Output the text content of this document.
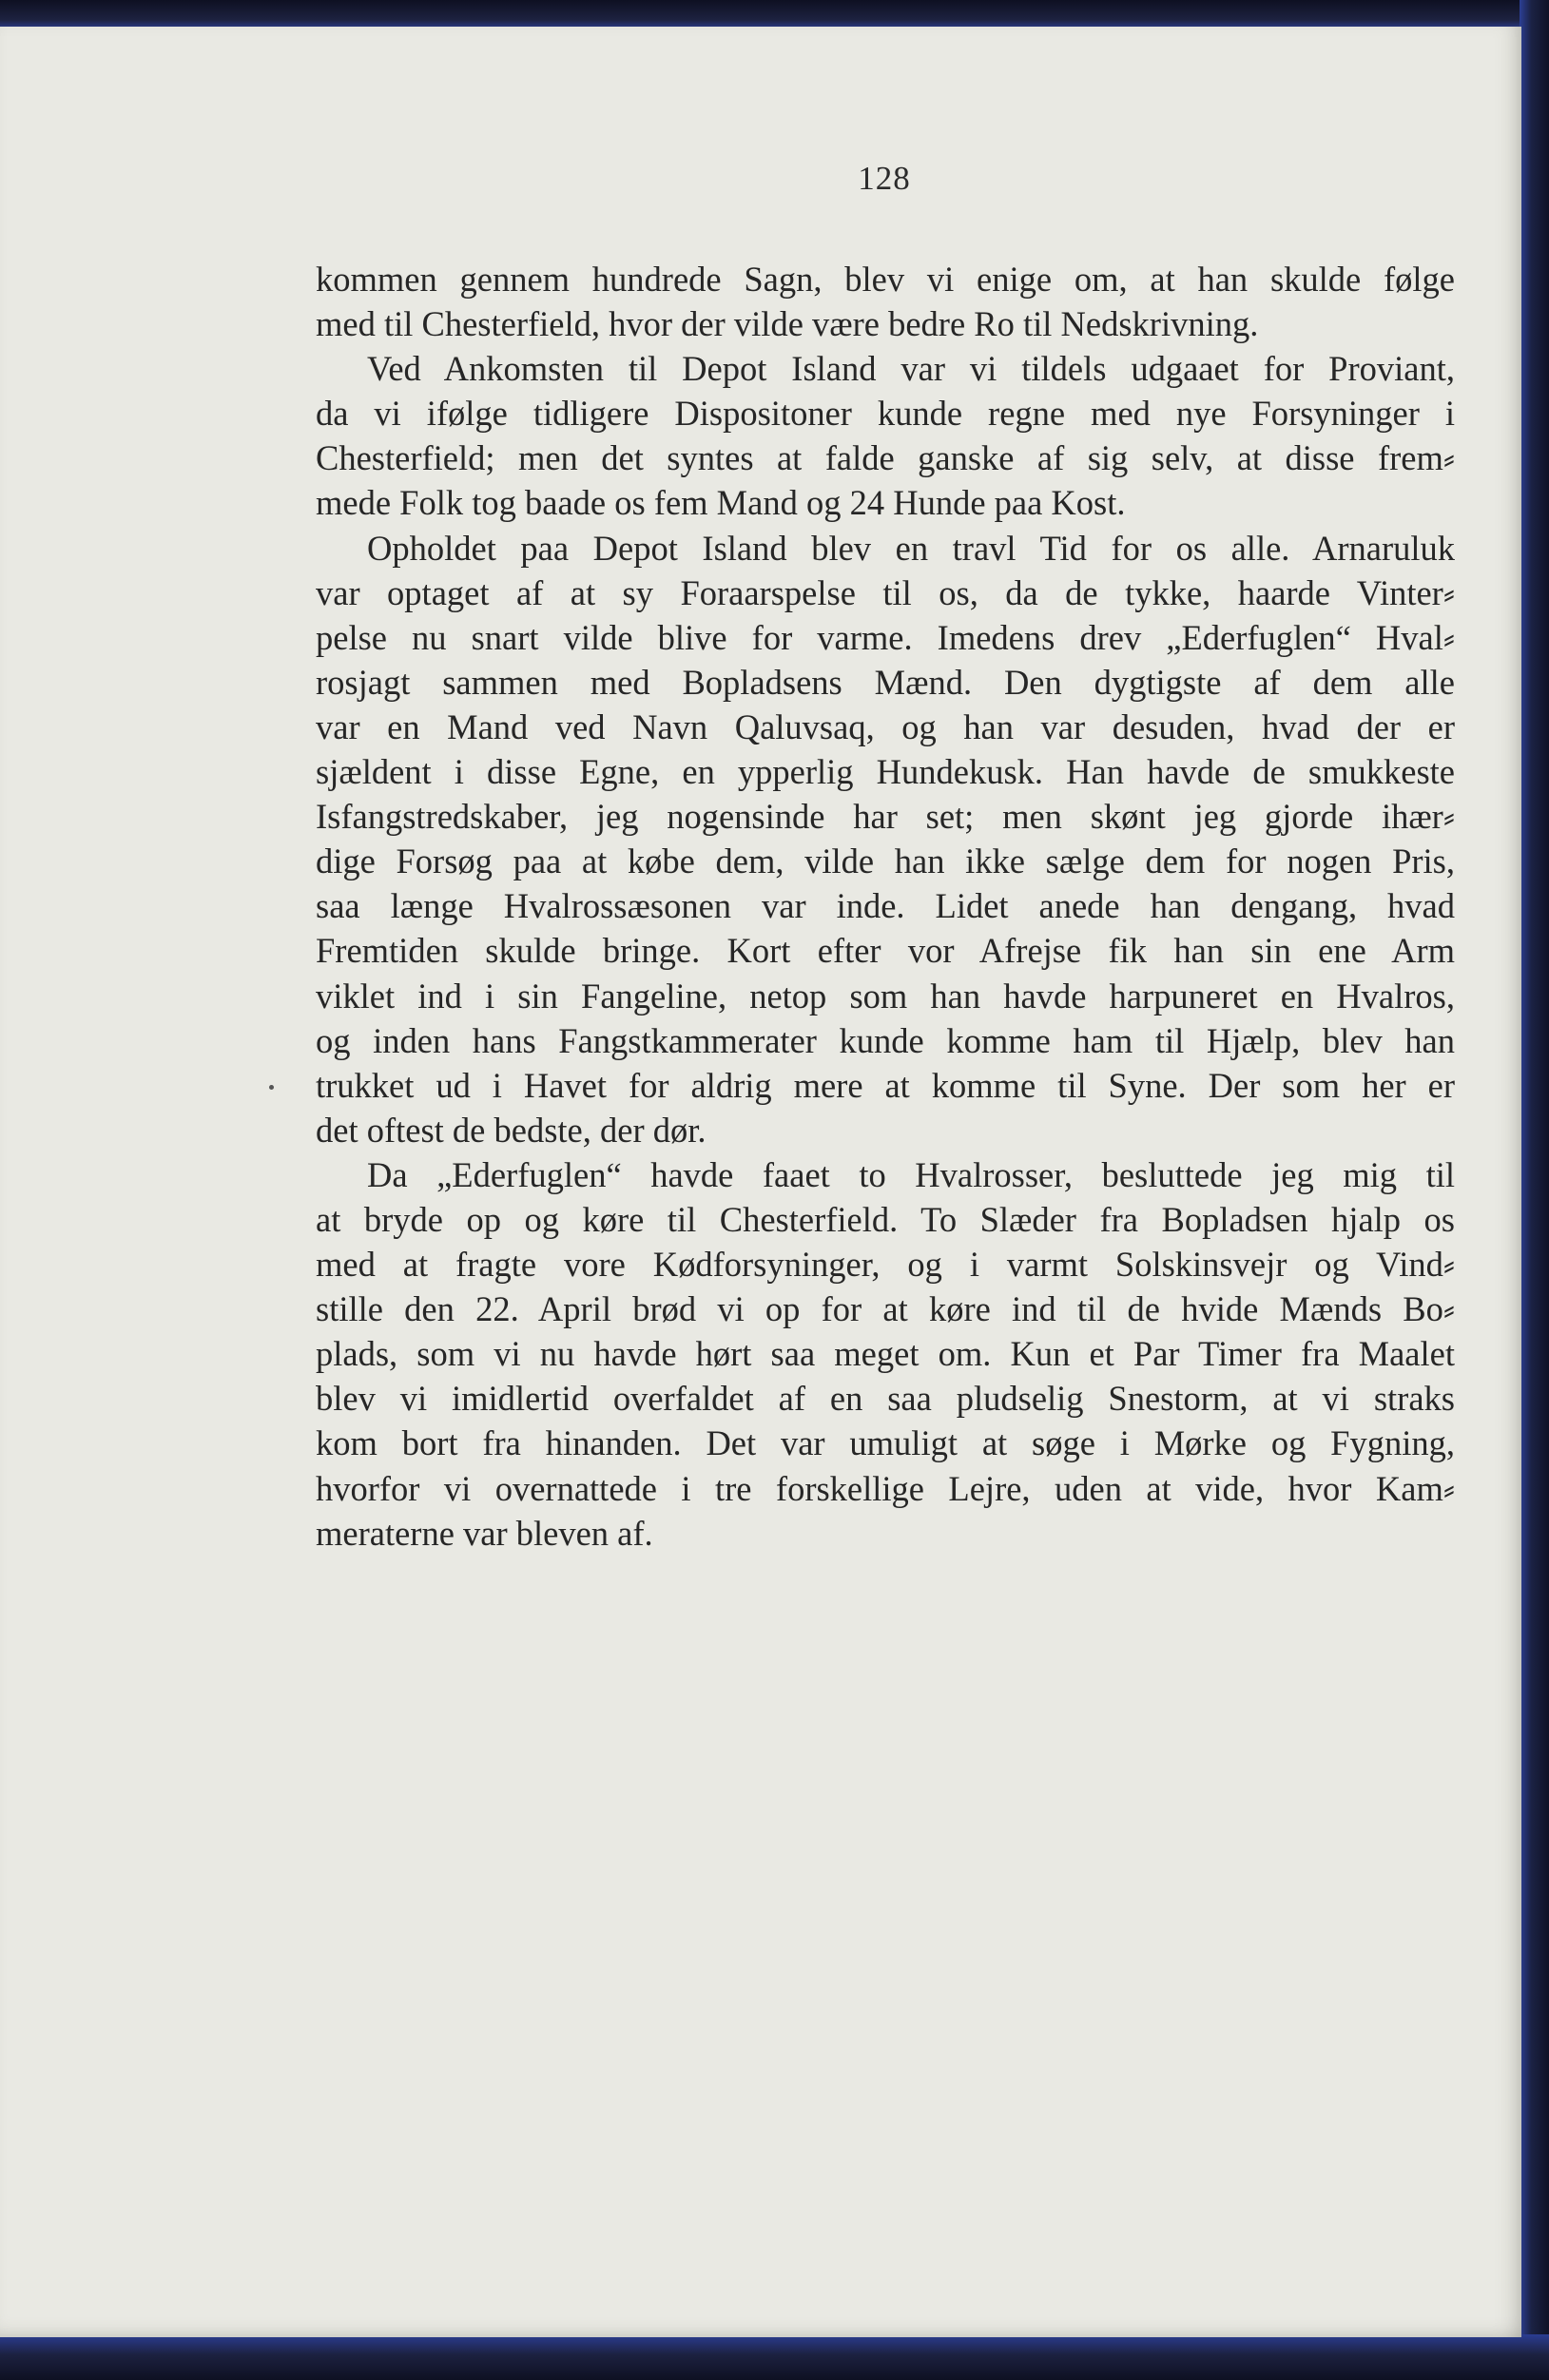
128
kommen gennem hundrede Sagn, blev vi enige om, at han skulde følge
med til Chesterfield, hvor der vilde være bedre Ro til Nedskrivning.
Ved Ankomsten til Depot Island var vi tildels udgaaet for Proviant,
da vi ifølge tidligere Dispositoner kunde regne med nye Forsyninger i
Chesterfield; men det syntes at falde ganske af sig selv, at disse frem⸗
mede Folk tog baade os fem Mand og 24 Hunde paa Kost.
Opholdet paa Depot Island blev en travl Tid for os alle. Arnaruluk
var optaget af at sy Foraarspelse til os, da de tykke, haarde Vinter⸗
pelse nu snart vilde blive for varme. Imedens drev „Ederfuglen“ Hval⸗
rosjagt sammen med Bopladsens Mænd. Den dygtigste af dem alle
var en Mand ved Navn Qaluvsaq, og han var desuden, hvad der er
sjældent i disse Egne, en ypperlig Hundekusk. Han havde de smukkeste
Isfangstredskaber, jeg nogensinde har set; men skønt jeg gjorde ihær⸗
dige Forsøg paa at købe dem, vilde han ikke sælge dem for nogen Pris,
saa længe Hvalrossæsonen var inde. Lidet anede han dengang, hvad
Fremtiden skulde bringe. Kort efter vor Afrejse fik han sin ene Arm
viklet ind i sin Fangeline, netop som han havde harpuneret en Hvalros,
og inden hans Fangstkammerater kunde komme ham til Hjælp, blev han
trukket ud i Havet for aldrig mere at komme til Syne. Der som her er
det oftest de bedste, der dør.
Da „Ederfuglen“ havde faaet to Hvalrosser, besluttede jeg mig til
at bryde op og køre til Chesterfield. To Slæder fra Bopladsen hjalp os
med at fragte vore Kødforsyninger, og i varmt Solskinsvejr og Vind⸗
stille den 22. April brød vi op for at køre ind til de hvide Mænds Bo⸗
plads, som vi nu havde hørt saa meget om. Kun et Par Timer fra Maalet
blev vi imidlertid overfaldet af en saa pludselig Snestorm, at vi straks
kom bort fra hinanden. Det var umuligt at søge i Mørke og Fygning,
hvorfor vi overnattede i tre forskellige Lejre, uden at vide, hvor Kam⸗
meraterne var bleven af.
